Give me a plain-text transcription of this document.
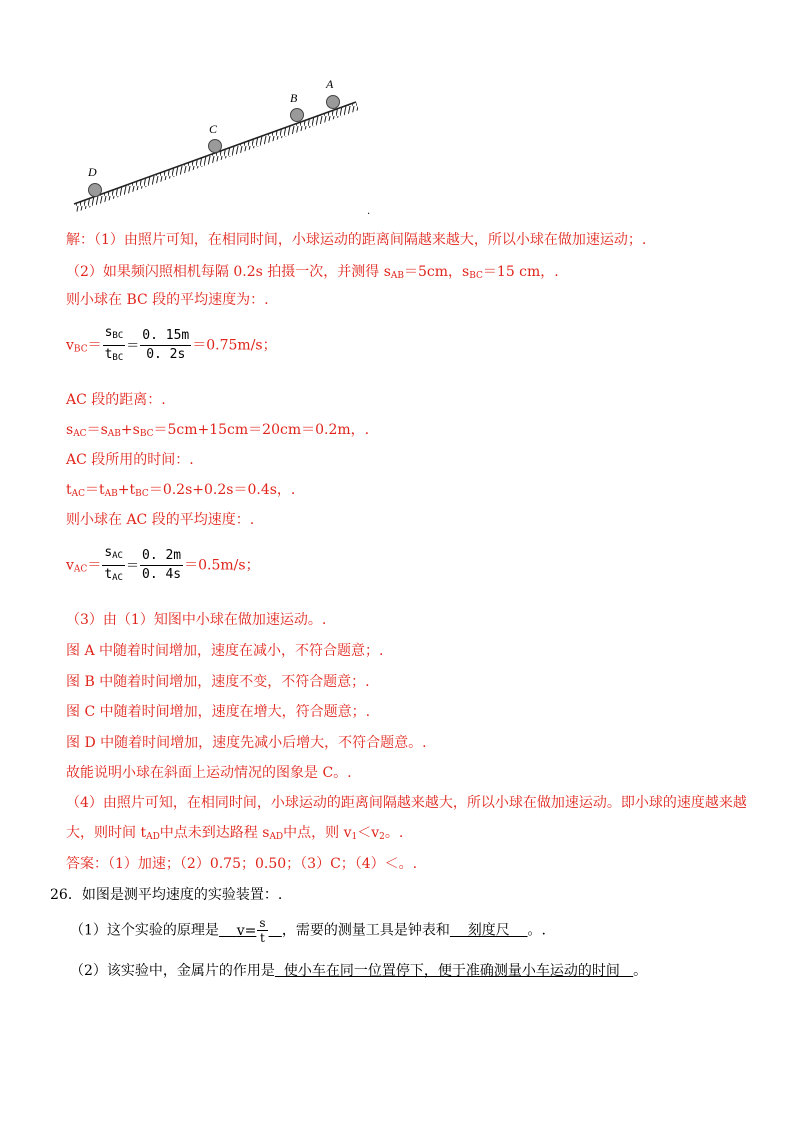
D
C
B
A
.
解：（1）由照片可知，在相同时间，小球运动的距离间隔越来越大，所以小球在做加速运动；.
（2）如果频闪照相机每隔 0.2s 拍摄一次，并测得 $s_{AB}=5cm$，$s_{BC}=15$ cm，.
则小球在 BC 段的平均速度为：.
$v_{BC}= \frac{s_{BC}}{t_{BC}} = \frac{0. 15m}{0. 2s} =0.75m/s$；
AC 段的距离：.
$s_{AC}=s_{AB}+s_{BC}=5cm+15cm=20cm=0.2m$，.
AC 段所用的时间：.
$t_{AC}=t_{AB}+t_{BC}=0.2s+0.2s=0.4s$，.
则小球在 AC 段的平均速度：.
$v_{AC}= \frac{s_{AC}}{t_{AC}} = \frac{0. 2m}{0. 4s} =0.5m/s$；
（3）由（1）知图中小球在做加速运动。.
图 A 中随着时间增加，速度在减小，不符合题意；.
图 B 中随着时间增加，速度不变，不符合题意；.
图 C 中随着时间增加，速度在增大，符合题意；.
图 D 中随着时间增加，速度先减小后增大，不符合题意。.
故能说明小球在斜面上运动情况的图象是 C。.
（4）由照片可知，在相同时间，小球运动的距离间隔越来越大，所以小球在做加速运动。即小球的速度越来越
大，则时间 $t_{AD}$中点未到达路程 $s_{AD}$中点，则 $v_1<v_2$。.
答案：（1）加速；（2）0.75；0.50；（3）C；（4）＜。.
26．如图是测平均速度的实验装置：.
（1）这个实验的原理是 $v= \frac{s}{t}$ ，需要的测量工具是钟表和    刻度尺    。.
（2）该实验中，金属片的作用是  使小车在同一位置停下，便于准确测量小车运动的时间   。
